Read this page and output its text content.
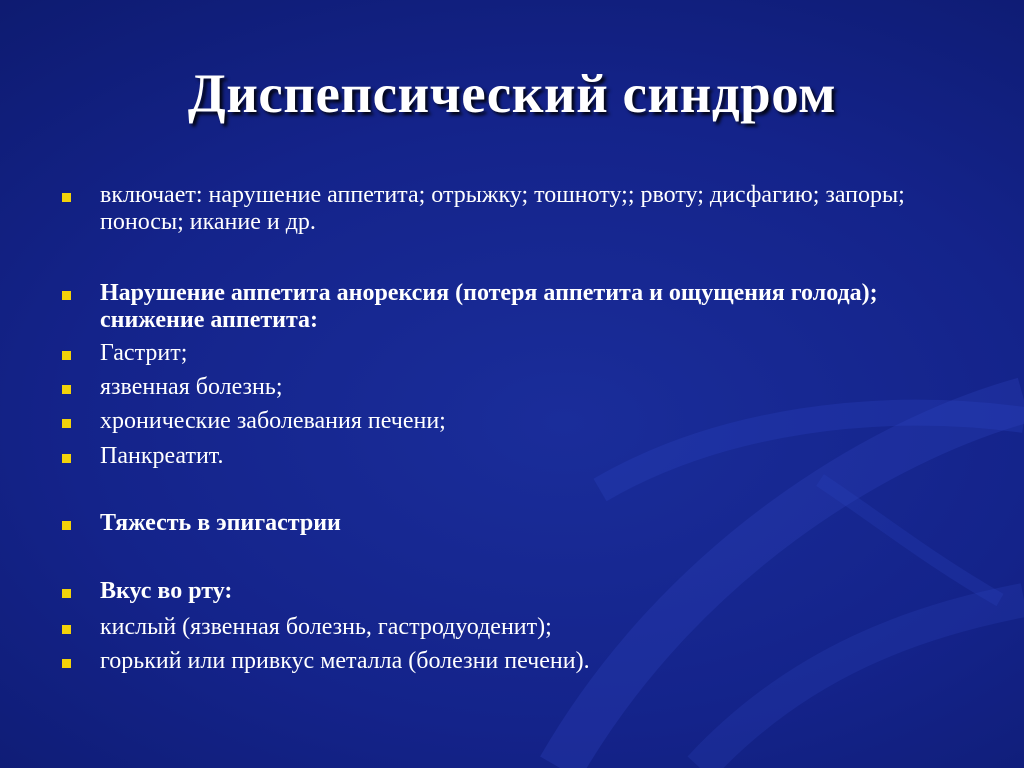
Диспепсический синдром
включает: нарушение аппетита; отрыжку; тошноту;; рвоту; дисфагию; запоры; поносы; икание и др.
Нарушение аппетита анорексия (потеря аппетита и ощущения голода); снижение аппетита:
Гастрит;
язвенная болезнь;
хронические заболевания печени;
Панкреатит.
Тяжесть в эпигастрии
Вкус во рту:
кислый (язвенная болезнь, гастродуоденит);
горький или привкус металла (болезни печени).
